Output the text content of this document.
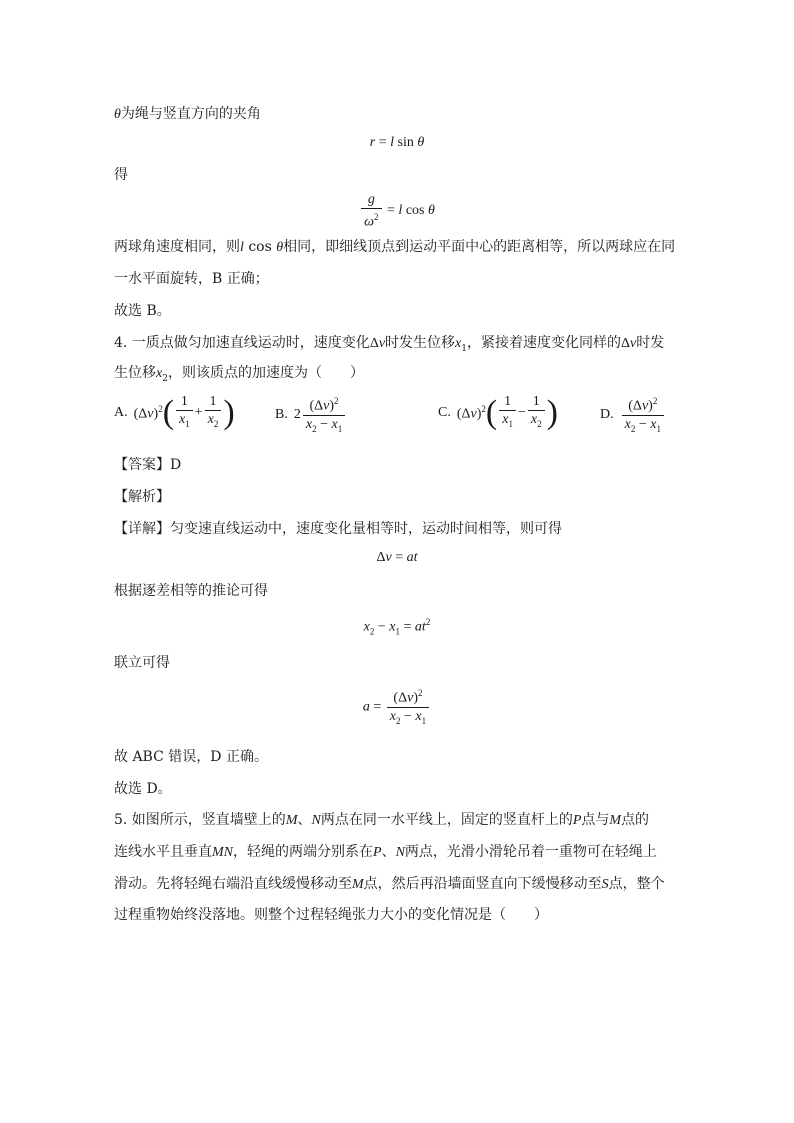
θ为绳与竖直方向的夹角
r = l sin θ
得
$\frac{g}{\omega^2} = l$ cos θ
两球角速度相同，则l cos θ相同，即细线顶点到运动平面中心的距离相等，所以两球应在同
一水平面旋转，B 正确；
故选 B。
4. 一质点做匀加速直线运动时，速度变化Δv时发生位移$x_1$，紧接着速度变化同样的Δv时发
生位移$x_2$，则该质点的加速度为（　　）
A. $(\Delta v)^2$ ( $\frac{1}{x_1} + \frac{1}{x_2}$ )	B. $2 \frac{(\Delta v)^2}{x_2 - x_1}$	C. $(\Delta v)^2$ ( $\frac{1}{x_1} - \frac{1}{x_2}$ )	D. $\frac{(\Delta v)^2}{x_2 - x_1}$
【答案】D
【解析】
【详解】匀变速直线运动中，速度变化量相等时，运动时间相等，则可得
Δv = at
根据逐差相等的推论可得
$x_2 - x_1 = at^2$
联立可得
$a = \frac{(\Delta v)^2}{x_2 - x_1}$
故 ABC 错误，D 正确。
故选 D。
5. 如图所示，竖直墙壁上的M、N两点在同一水平线上，固定的竖直杆上的P点与M点的
连线水平且垂直MN，轻绳的两端分别系在P、N两点，光滑小滑轮吊着一重物可在轻绳上
滑动。先将轻绳右端沿直线缓慢移动至M点，然后再沿墙面竖直向下缓慢移动至S点，整个
过程重物始终没落地。则整个过程轻绳张力大小的变化情况是（　　）
